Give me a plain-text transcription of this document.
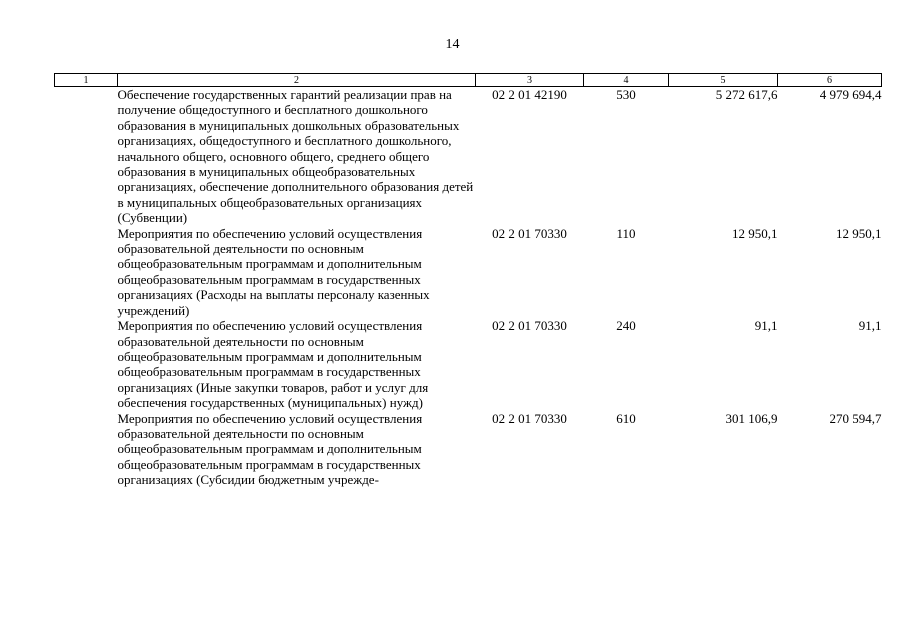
14
1	2	3	4	5	6
	Обеспечение государственных гарантий реализации прав на получение общедоступного и бесплатного дошкольного образования в муниципальных дошкольных образовательных организациях, общедоступного и бесплатного дошкольного, начального общего, основного общего, среднего общего образования в муниципальных общеобразовательных организациях, обеспечение дополнительного образования детей в муниципальных общеобразовательных организациях (Субвенции)	02 2 01 42190	530	5 272 617,6	4 979 694,4
	Мероприятия по обеспечению условий осуществления образовательной деятельности по основным общеобразовательным программам и дополнительным общеобразовательным программам в государственных организациях (Расходы на выплаты персоналу казенных учреждений)	02 2 01 70330	110	12 950,1	12 950,1
	Мероприятия по обеспечению условий осуществления образовательной деятельности по основным общеобразовательным программам и дополнительным общеобразовательным программам в государственных организациях (Иные закупки товаров, работ и услуг для обеспечения государственных (муниципальных) нужд)	02 2 01 70330	240	91,1	91,1
	Мероприятия по обеспечению условий осуществления образовательной деятельности по основным общеобразовательным программам и дополнительным общеобразовательным программам в государственных организациях (Субсидии бюджетным учрежде-	02 2 01 70330	610	301 106,9	270 594,7
